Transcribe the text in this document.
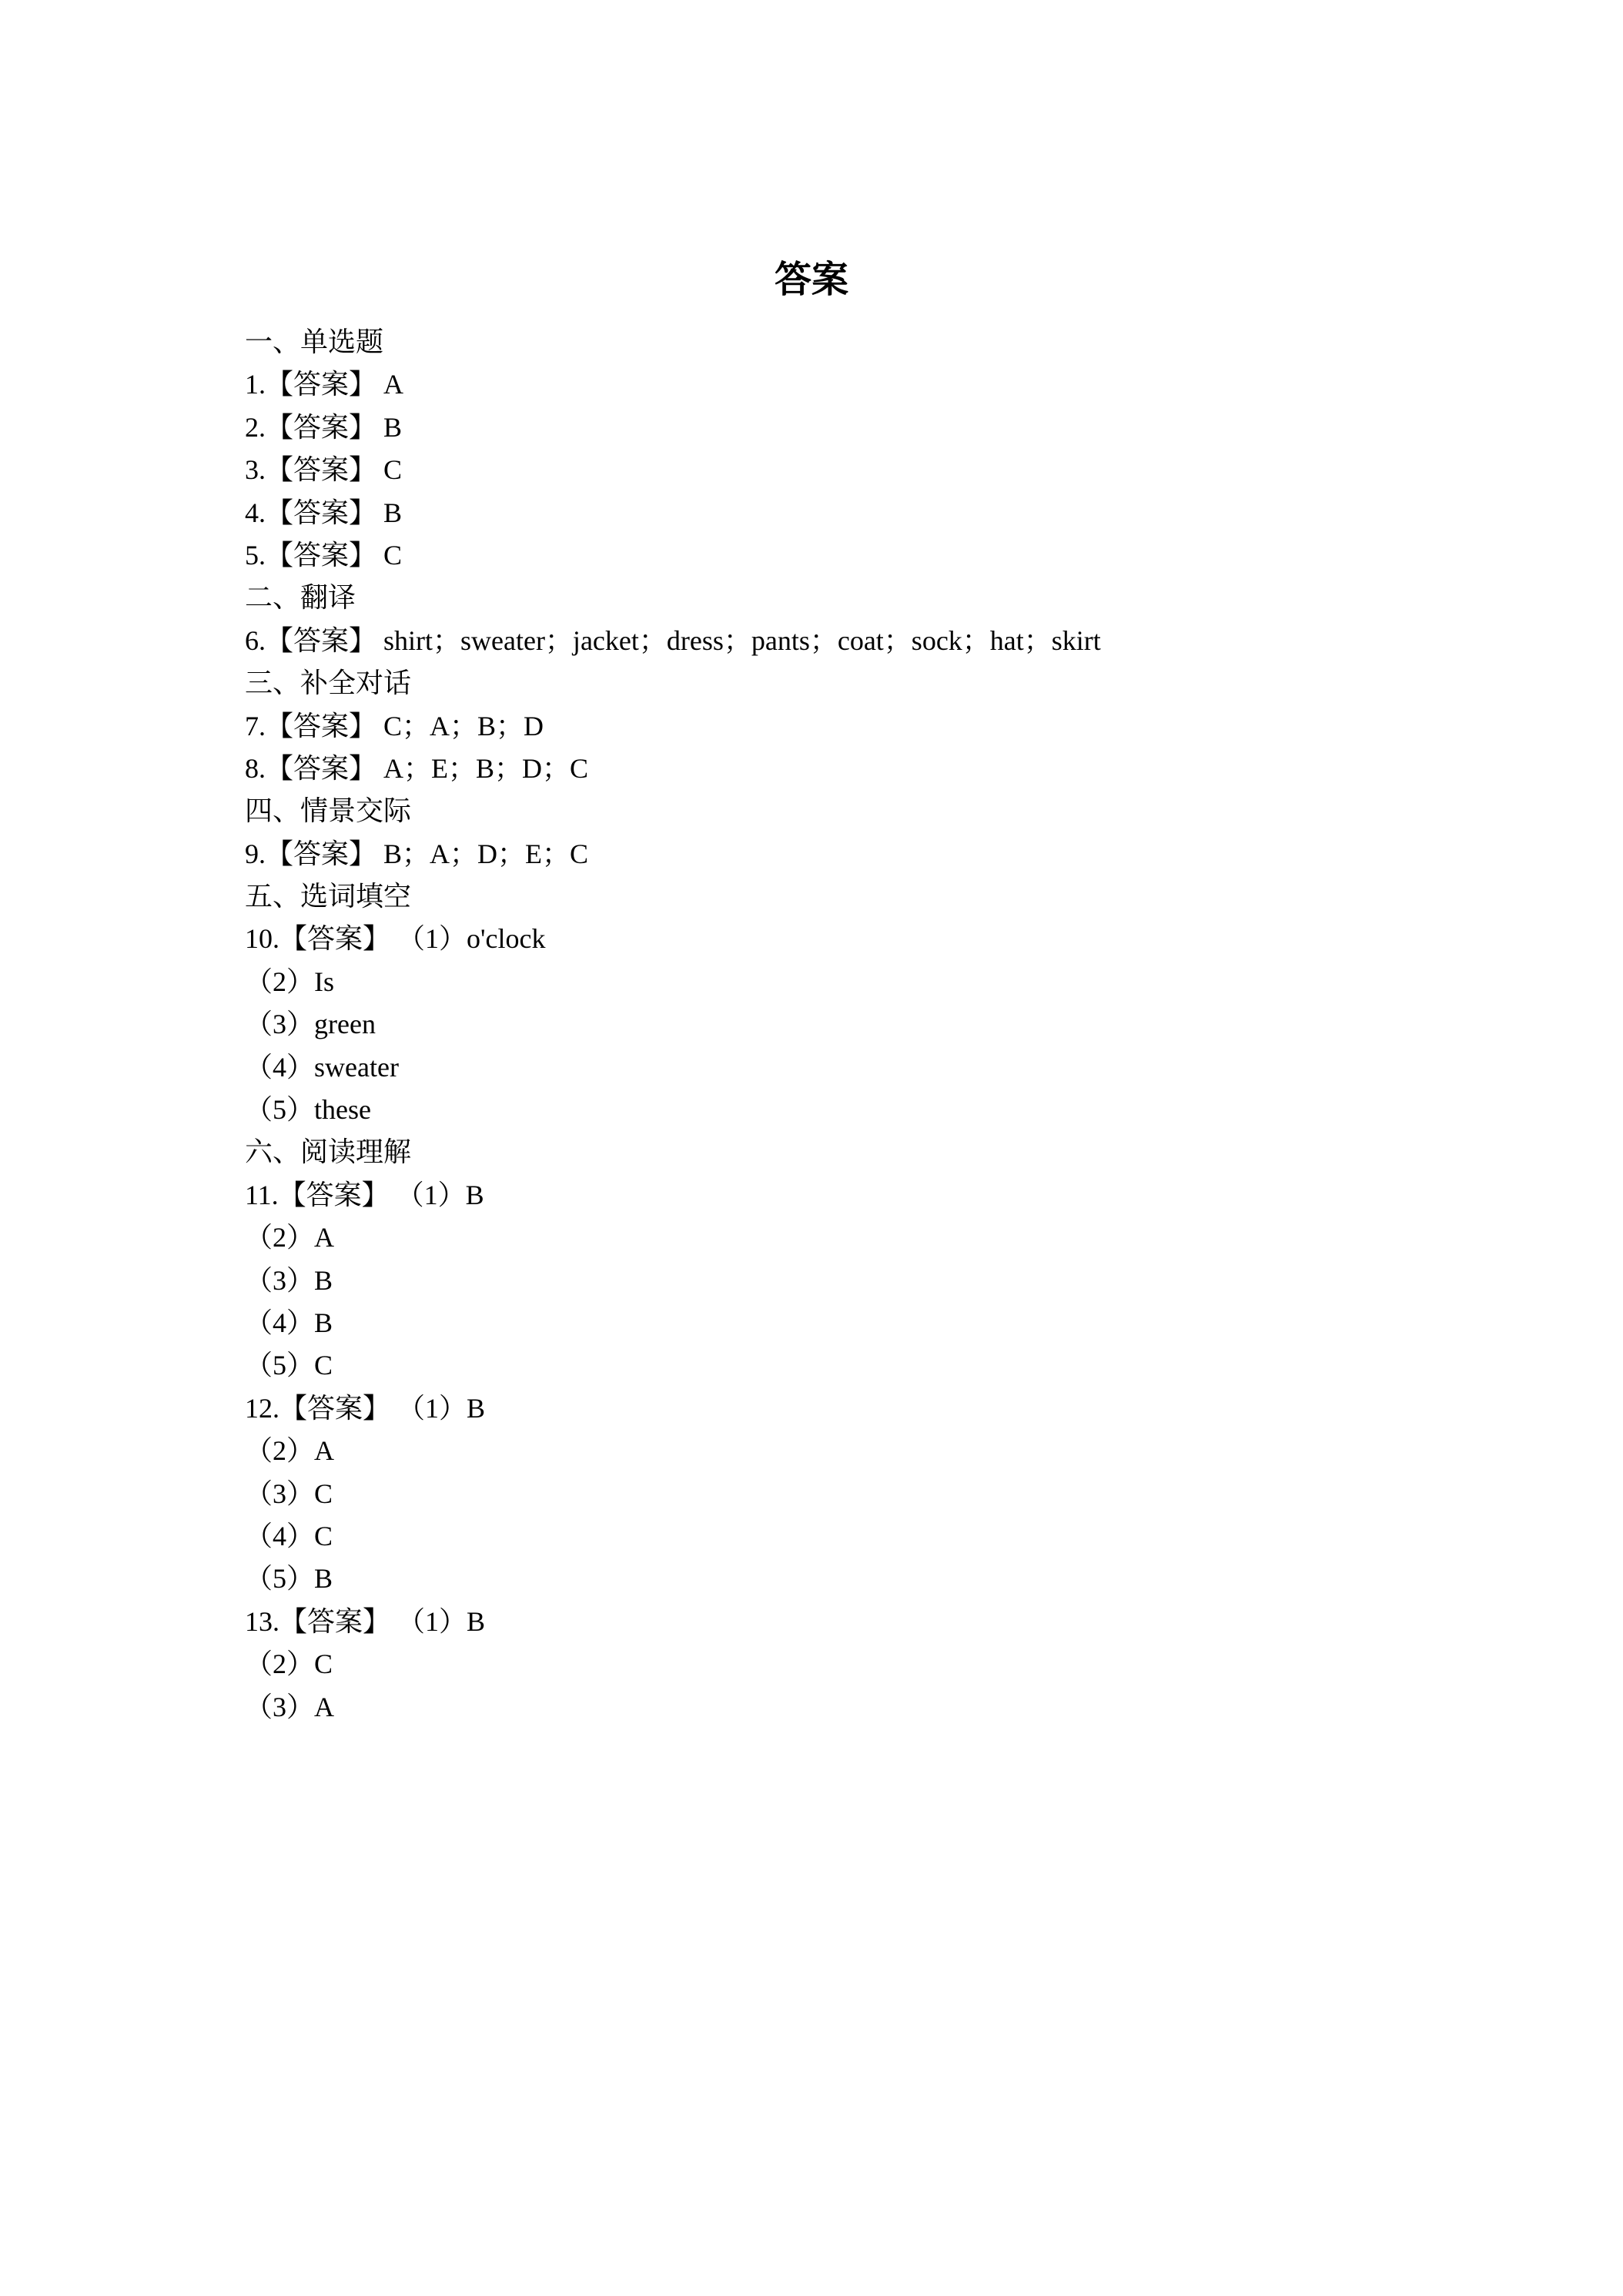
答案
一、单选题
1.【答案】 A
2.【答案】 B
3.【答案】 C
4.【答案】 B
5.【答案】 C
二、翻译
6.【答案】 shirt；sweater；jacket；dress；pants；coat；sock；hat；skirt
三、补全对话
7.【答案】 C；A；B；D
8.【答案】 A；E；B；D；C
四、情景交际
9.【答案】 B；A；D；E；C
五、选词填空
10.【答案】 （1）o'clock
（2）Is
（3）green
（4）sweater
（5）these
六、阅读理解
11.【答案】 （1）B
（2）A
（3）B
（4）B
（5）C
12.【答案】 （1）B
（2）A
（3）C
（4）C
（5）B
13.【答案】 （1）B
（2）C
（3）A
